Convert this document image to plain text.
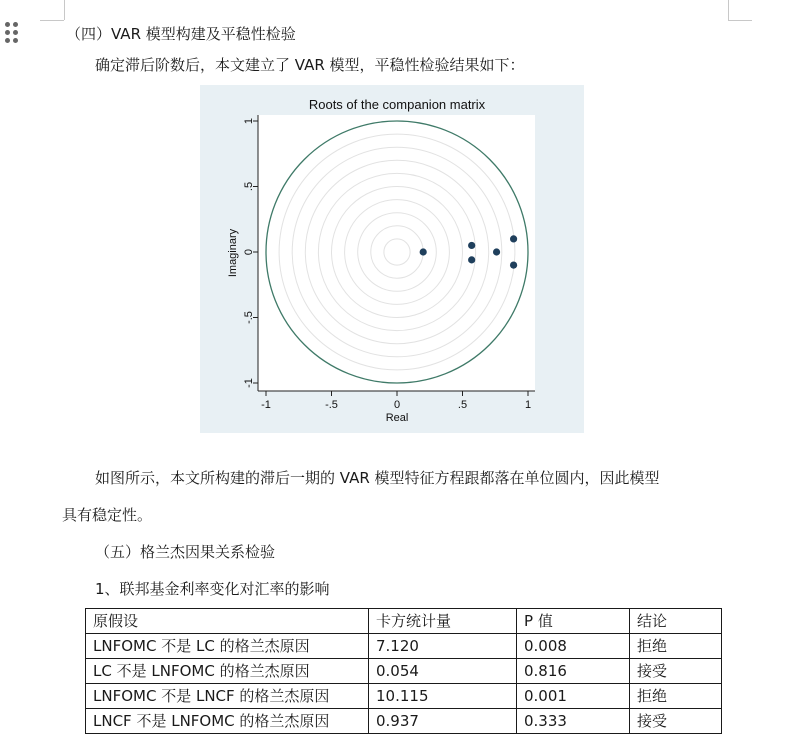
（四）VAR 模型构建及平稳性检验
确定滞后阶数后，本文建立了 VAR 模型，平稳性检验结果如下：
Roots of the companion matrix
-1	-.5	0	.5	1
-1
-.5
0
.5
1
Real
Imaginary
如图所示，本文所构建的滞后一期的 VAR 模型特征方程跟都落在单位圆内，因此模型
具有稳定性。
（五）格兰杰因果关系检验
1、联邦基金利率变化对汇率的影响
原假设	卡方统计量	P 值	结论
LNFOMC 不是 LC 的格兰杰原因	7.120	0.008	拒绝
LC 不是 LNFOMC 的格兰杰原因	0.054	0.816	接受
LNFOMC 不是 LNCF 的格兰杰原因	10.115	0.001	拒绝
LNCF 不是 LNFOMC 的格兰杰原因	0.937	0.333	接受
